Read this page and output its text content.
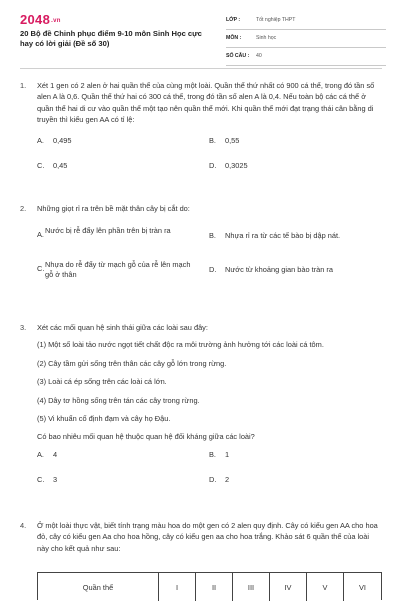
2048.vn
20 Bộ đề Chinh phục điểm 9-10 môn Sinh Học cực hay có lời giải (Đề số 30)
LỚP :	Tốt nghiệp THPT
MÔN :	Sinh học
SỐ CÂU : 40
1. Xét 1 gen có 2 alen ở hai quần thể của cùng một loài. Quần thể thứ nhất có 900 cá thể, trong đó tần số alen A là 0,6. Quần thể thứ hai có 300 cá thể, trong đó tần số alen A là 0,4. Nếu toàn bộ các cá thể ở quần thể hai di cư vào quần thể một tạo nên quần thể mới. Khi quần thể mới đạt trạng thái cân bằng di truyền thì kiểu gen AA có tỉ lệ:
A. 0,495	B. 0,55
C. 0,45	D. 0,3025
2. Những giọt rỉ ra trên bề mặt thân cây bị cắt do:
A.Nước bị rễ đẩy lên phần trên bị tràn ra
B. Nhựa rỉ ra từ các tế bào bị dập nát.
C.Nhựa do rễ đẩy từ mạch gỗ của rễ lên mạch gỗ ở thân
D. Nước từ khoảng gian bào tràn ra
3. Xét các mối quan hệ sinh thái giữa các loài sau đây:
(1) Một số loài tảo nước ngọt tiết chất độc ra môi trường ảnh hưởng tới các loài cá tôm.
(2) Cây tầm gửi sống trên thân các cây gỗ lớn trong rừng.
(3) Loài cá ép sống trên các loài cá lớn.
(4) Dây tơ hồng sống trên tán các cây trong rừng.
(5) Vi khuẩn cố định đạm và cây họ Đậu.
Có bao nhiêu mối quan hệ thuộc quan hệ đối kháng giữa các loài?
A. 4	B. 1
C. 3	D. 2
4. Ở một loài thực vật, biết tính trạng màu hoa do một gen có 2 alen quy định. Cây có kiểu gen AA cho hoa đỏ, cây có kiểu gen Aa cho hoa hồng, cây có kiểu gen aa cho hoa trắng. Khảo sát 6 quần thể của loài này cho kết quả như sau:
Quần thể	I	II	III	IV	V	VI
